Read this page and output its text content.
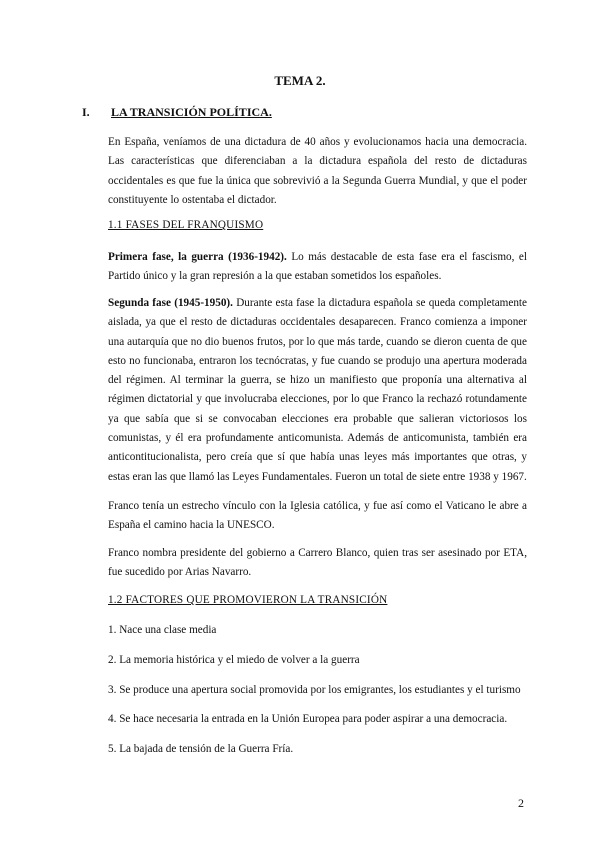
TEMA 2.
I. LA TRANSICIÓN POLÍTICA.

En España, veníamos de una dictadura de 40 años y evolucionamos hacia una democracia. Las características que diferenciaban a la dictadura española del resto de dictaduras occidentales es que fue la única que sobrevivió a la Segunda Guerra Mundial, y que el poder constituyente lo ostentaba el dictador.

1.1 FASES DEL FRANQUISMO

Primera fase, la guerra (1936-1942). Lo más destacable de esta fase era el fascismo, el Partido único y la gran represión a la que estaban sometidos los españoles.

Segunda fase (1945-1950). Durante esta fase la dictadura española se queda completamente aislada, ya que el resto de dictaduras occidentales desaparecen. Franco comienza a imponer una autarquía que no dio buenos frutos, por lo que más tarde, cuando se dieron cuenta de que esto no funcionaba, entraron los tecnócratas, y fue cuando se produjo una apertura moderada del régimen. Al terminar la guerra, se hizo un manifiesto que proponía una alternativa al régimen dictatorial y que involucraba elecciones, por lo que Franco la rechazó rotundamente ya que sabía que si se convocaban elecciones era probable que salieran victoriosos los comunistas, y él era profundamente anticomunista. Además de anticomunista, también era anticontitucionalista, pero creía que sí que había unas leyes más importantes que otras, y estas eran las que llamó las Leyes Fundamentales. Fueron un total de siete entre 1938 y 1967.

Franco tenía un estrecho vínculo con la Iglesia católica, y fue así como el Vaticano le abre a España el camino hacia la UNESCO.

Franco nombra presidente del gobierno a Carrero Blanco, quien tras ser asesinado por ETA, fue sucedido por Arias Navarro.

1.2 FACTORES QUE PROMOVIERON LA TRANSICIÓN
1. Nace una clase media
2. La memoria histórica y el miedo de volver a la guerra
3. Se produce una apertura social promovida por los emigrantes, los estudiantes y el turismo
4. Se hace necesaria la entrada en la Unión Europea para poder aspirar a una democracia.
5. La bajada de tensión de la Guerra Fría.
2
